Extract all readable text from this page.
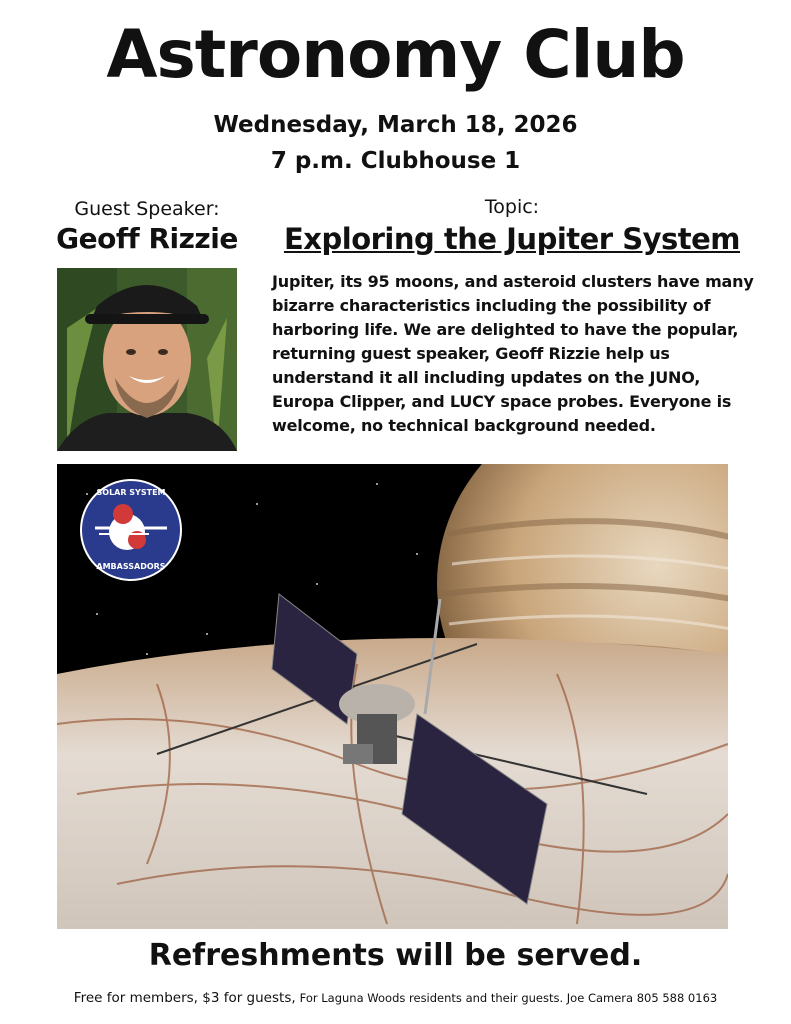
Astronomy Club
Wednesday, March 18, 2026
7 p.m. Clubhouse 1
Guest Speaker:
Geoff Rizzie
Topic:
Exploring the Jupiter System
Jupiter, its 95 moons, and asteroid clusters have many bizarre characteristics including the possibility of harboring life. We are delighted to have the popular, returning guest speaker, Geoff Rizzie help us understand it all including updates on the JUNO, Europa Clipper, and LUCY space probes. Everyone is welcome, no technical background needed.
SOLAR SYSTEM
AMBASSADORS
Refreshments will be served.
Free for members, $3 for guests, For Laguna Woods residents and their guests. Joe Camera 805 588 0163
